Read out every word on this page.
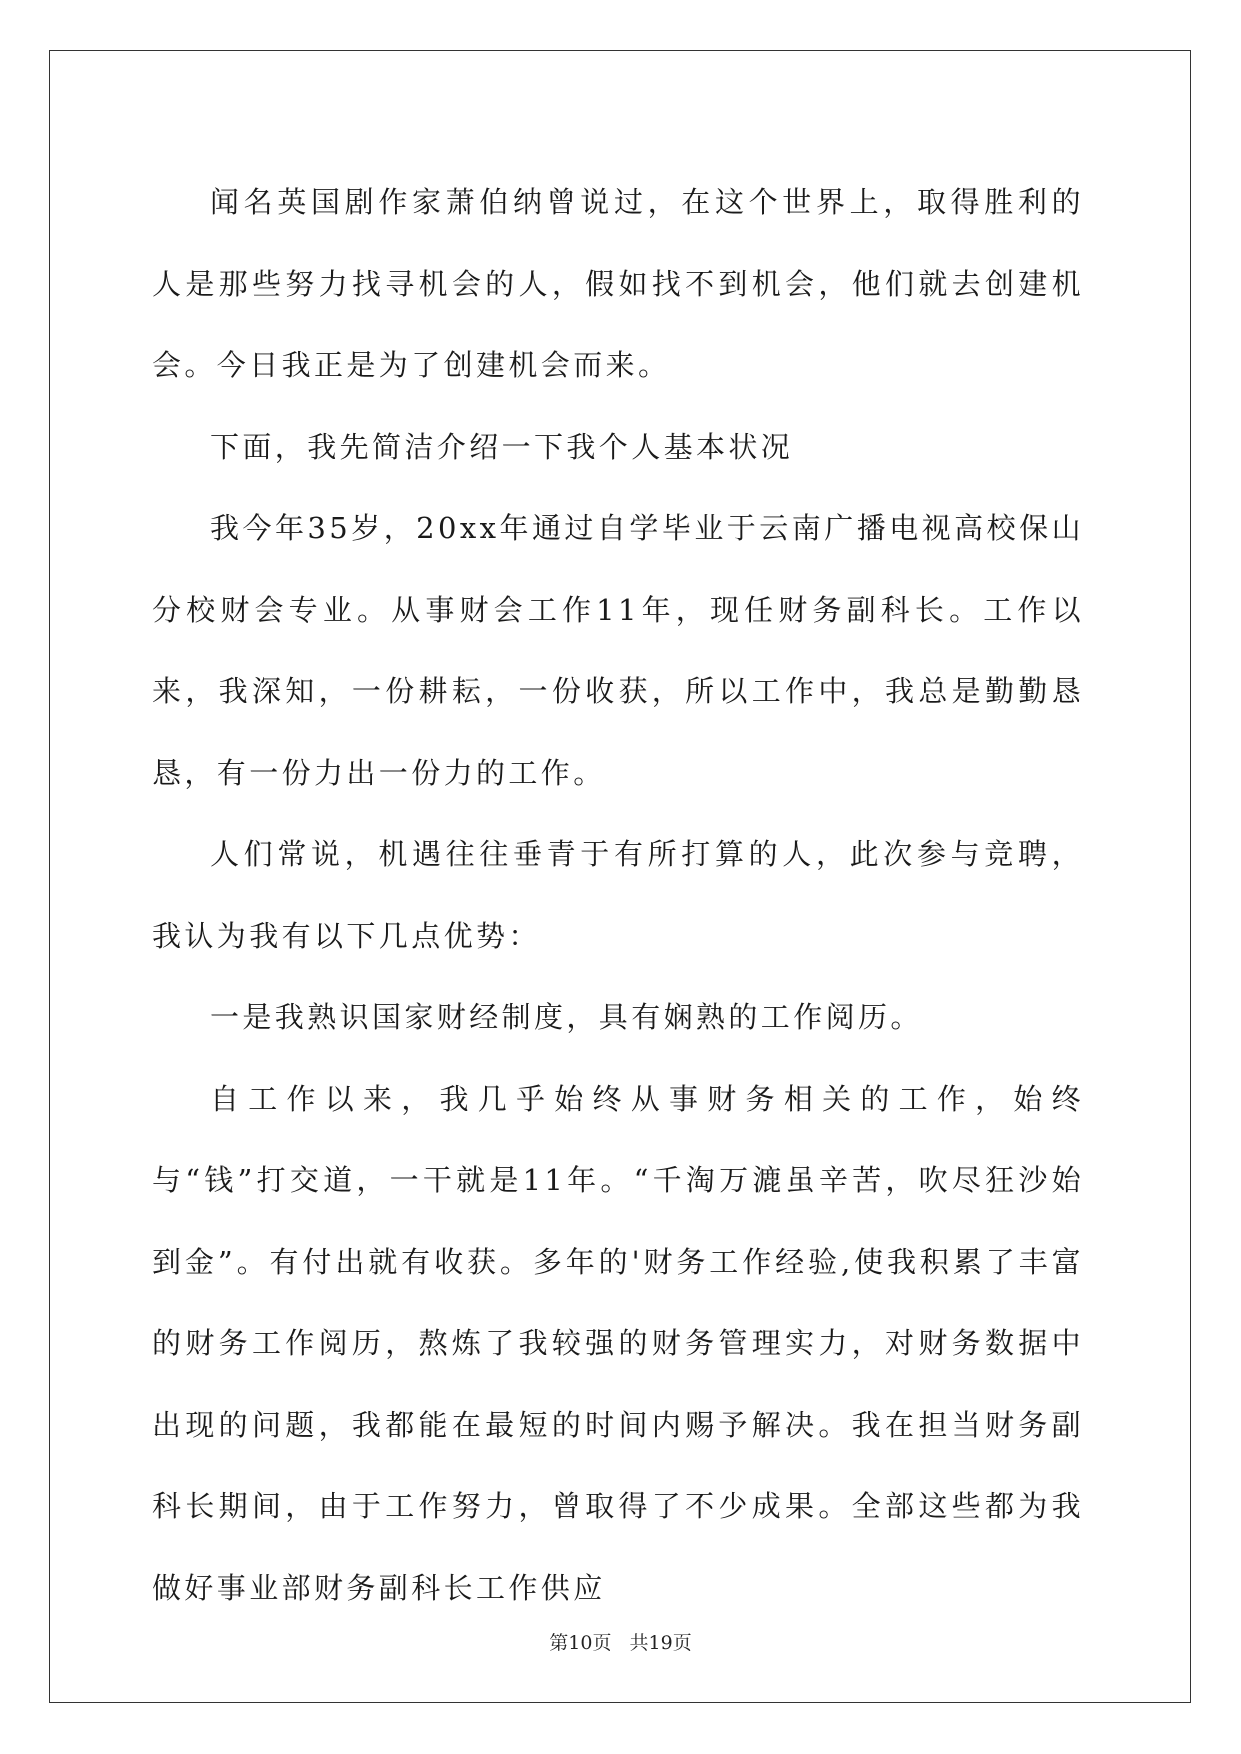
闻名英国剧作家萧伯纳曾说过，在这个世界上，取得胜利的人是那些努力找寻机会的人，假如找不到机会，他们就去创建机会。今日我正是为了创建机会而来。

下面，我先简洁介绍一下我个人基本状况

我今年35岁，20xx年通过自学毕业于云南广播电视高校保山分校财会专业。从事财会工作11年，现任财务副科长。工作以来，我深知，一份耕耘，一份收获，所以工作中，我总是勤勤恳恳，有一份力出一份力的工作。

人们常说，机遇往往垂青于有所打算的人，此次参与竞聘，我认为我有以下几点优势：

一是我熟识国家财经制度，具有娴熟的工作阅历。

自工作以来，我几乎始终从事财务相关的工作，始终与“钱”打交道，一干就是11年。“千淘万漉虽辛苦，吹尽狂沙始到金”。有付出就有收获。多年的'财务工作经验,使我积累了丰富的财务工作阅历，熬炼了我较强的财务管理实力，对财务数据中出现的问题，我都能在最短的时间内赐予解决。我在担当财务副科长期间，由于工作努力，曾取得了不少成果。全部这些都为我做好事业部财务副科长工作供应

第10页 共19页
